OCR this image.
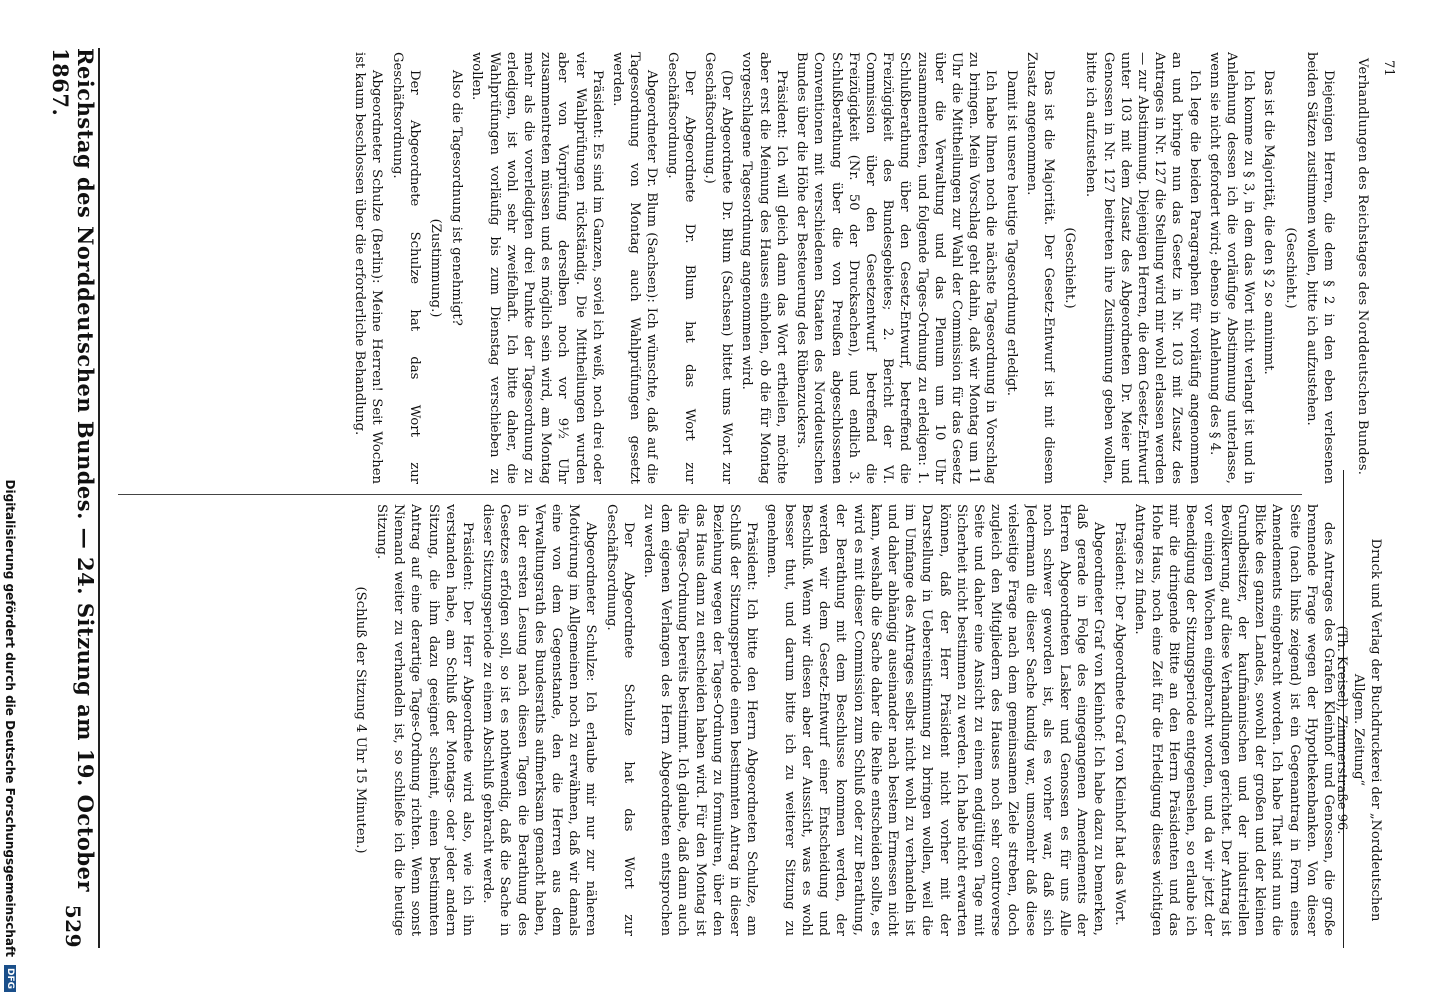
Reichstag des Norddeutschen Bundes. — 24. Sitzung am 19. October 1867.
529

Diejenigen Herren, die dem § 2 in den eben verlesenen beiden Sätzen zustimmen wollen, bitte ich aufzustehen.

(Geschieht.)

Das ist die Majorität, die den § 2 so annimmt.

Ich komme zu § 3, in dem das Wort nicht verlangt ist und in Anlehnung dessen ich die vorläufige Abstimmung unterlasse, wenn sie nicht gefordert wird; ebenso in Anlehnung des § 4.

Ich lege die beiden Paragraphen für vorläufig angenommen an und bringe nun das Gesetz in Nr. 103 mit Zusatz des Antrages in Nr. 127 die Stellung wird mir wohl erlassen werden — zur Abstimmung. Diejenigen Herren, die dem Gesetz-Entwurf unter 103 mit dem Zusatz des Abgeordneten Dr. Meier und Genossen in Nr. 127 beitreten ihre Zustimmung geben wollen, bitte ich aufzustehen.

(Geschieht.)

Das ist die Majorität. Der Gesetz-Entwurf ist mit diesem Zusatz angenommen.

Damit ist unsere heutige Tagesordnung erledigt.

Ich habe Ihnen noch die nächste Tagesordnung in Vorschlag zu bringen. Mein Vorschlag geht dahin, daß wir Montag um 11 Uhr die Mittheilungen zur Wahl der Commission für das Gesetz über die Verwaltung und das Plenum um 10 Uhr zusammentreten, und folgende Tages-Ordnung zu erledigen: 1. Schlußberathung über den Gesetz-Entwurf, betreffend die Freizügigkeit des Bundesgebietes; 2. Bericht der VI. Commission über den Gesetzentwurf betreffend die Freizügigkeit (Nr. 50 der Drucksachen), und endlich 3. Schlußberathung über die von Preußen abgeschlossenen Conventionen mit verschiedenen Staaten des Norddeutschen Bundes über die Höhe der Besteuerung des Rübenzuckers.

Präsident: Ich will gleich dann das Wort ertheilen, möchte aber erst die Meinung des Hauses einholen, ob die für Montag vorgeschlagene Tagesordnung angenommen wird.

(Der Abgeordnete Dr. Blum (Sachsen) bittet ums Wort zur Geschäftsordnung.)

Der Abgeordnete Dr. Blum hat das Wort zur Geschäftsordnung.

Abgeordneter Dr. Blum (Sachsen): Ich wünschte, daß auf die Tagesordnung von Montag auch Wahlprüfungen gesetzt werden.

Präsident: Es sind im Ganzen, soviel ich weiß, noch drei oder vier Wahlprüfungen rückständig. Die Mittheilungen wurden aber von Vorprüfung derselben noch vor 9½ Uhr zusammentreten müssen und es möglich sein wird, am Montag mehr als die vorerledigten drei Punkte der Tagesordnung zu erledigen, ist wohl sehr zweifelhaft. Ich bitte daher, die Wahlprüfungen vorläufig bis zum Dienstag verschieben zu wollen.

Also die Tagesordnung ist genehmigt?

(Zustimmung.)

Der Abgeordnete Schulze hat das Wort zur Geschäftsordnung.

Abgeordneter Schulze (Berlin): Meine Herren! Seit Wochen ist kaum beschlossen über die erforderliche Behandlung.

des Antrages des Grafen Kleinhof und Genossen, die große brennende Frage wegen der Hypothekenbanken. Von dieser Seite (nach links zeigend) ist ein Gegenantrag in Form eines Amendements eingebracht worden. Ich habe That sind nun die Blicke des ganzen Landes, sowohl der großen und der kleinen Grundbesitzer, der kaufmännischen und der industriellen Bevölkerung, auf diese Verhandlungen gerichtet. Der Antrag ist vor einigen Wochen eingebracht worden, und da wir jetzt der Beendigung der Sitzungsperiode entgegensehen, so erlaube ich mir die dringende Bitte an den Herrn Präsidenten und das Hohe Haus, noch eine Zeit für die Erledigung dieses wichtigen Antrages zu finden.

Präsident: Der Abgeordnete Graf von Kleinhof hat das Wort.

Abgeordneter Graf von Kleinhof: Ich habe dazu zu bemerken, daß gerade in Folge des eingegangenen Amendements der Herren Abgeordneten Lasker und Genossen es für uns Alle noch schwer geworden ist, als es vorher war, daß sich Jedermann die dieser Sache kundig war, umsomehr daß diese vielseitige Frage nach dem gemeinsamen Ziele streben, doch zugleich den Mitgliedern des Hauses noch sehr controverse Seite und daher eine Ansicht zu einem endgültigen Tage mit Sicherheit nicht bestimmen zu werden. Ich habe nicht erwarten können, daß der Herr Präsident nicht vorher mit der Darstellung in Uebereinstimmung zu bringen wollen, weil die im Umfange des Antrages selbst nicht wohl zu verhandeln ist und daher abhängig auseinander nach bestem Ermessen nicht kann, weshalb die Sache daher die Reihe entscheiden sollte, es wird es mit dieser Commission zum Schluß oder zur Berathung, der Berathung mit dem Beschlusse kommen werden, der werden wir dem Gesetz-Entwurf einer Entscheidung und Beschluß. Wenn wir diesen aber der Aussicht, was es wohl besser thut, und darum bitte ich zu weiterer Sitzung zu genehmen.

Präsident: Ich bitte den Herrn Abgeordneten Schulze, am Schluß der Sitzungsperiode einen bestimmten Antrag in dieser Beziehung wegen der Tages-Ordnung zu formuliren, über den das Haus dann zu entscheiden haben wird. Für den Montag ist die Tages-Ordnung bereits bestimmt. Ich glaube, daß dann auch dem eigenen Verlangen des Herrn Abgeordneten entsprochen zu werden.

Der Abgeordnete Schulze hat das Wort zur Geschäftsordnung.

Abgeordneter Schulze: Ich erlaube mir nur zur näheren Motivirung im Allgemeinen noch zu erwähnen, daß wir damals eine von dem Gegenstande, den die Herren aus dem Verwaltungsrath des Bundesraths aufmerksam gemacht haben, in der ersten Lesung nach diesen Tagen die Berathung des Gesetzes erfolgen soll, so ist es nothwendig, daß die Sache in dieser Sitzungsperiode zu einem Abschluß gebracht werde.

Präsident: Der Herr Abgeordnete wird also, wie ich ihn verstanden habe, am Schluß der Montags- oder jeder andern Sitzung, die ihm dazu geeignet scheint, einen bestimmten Antrag auf eine derartige Tages-Ordnung richten. Wenn sonst Niemand weiter zu verhandeln ist, so schließe ich die heutige Sitzung.

(Schluß der Sitzung 4 Uhr 15 Minuten.)

Verhandlungen des Reichstages des Norddeutschen Bundes. 71
Druck und Verlag der Buchdruckerei der „Norddeutschen Allgem. Zeitung“
(Th. Kreisel), Zimmerstraße 96.
Digitalisierung gefördert durch die Deutsche Forschungsgemeinschaft
DFG
